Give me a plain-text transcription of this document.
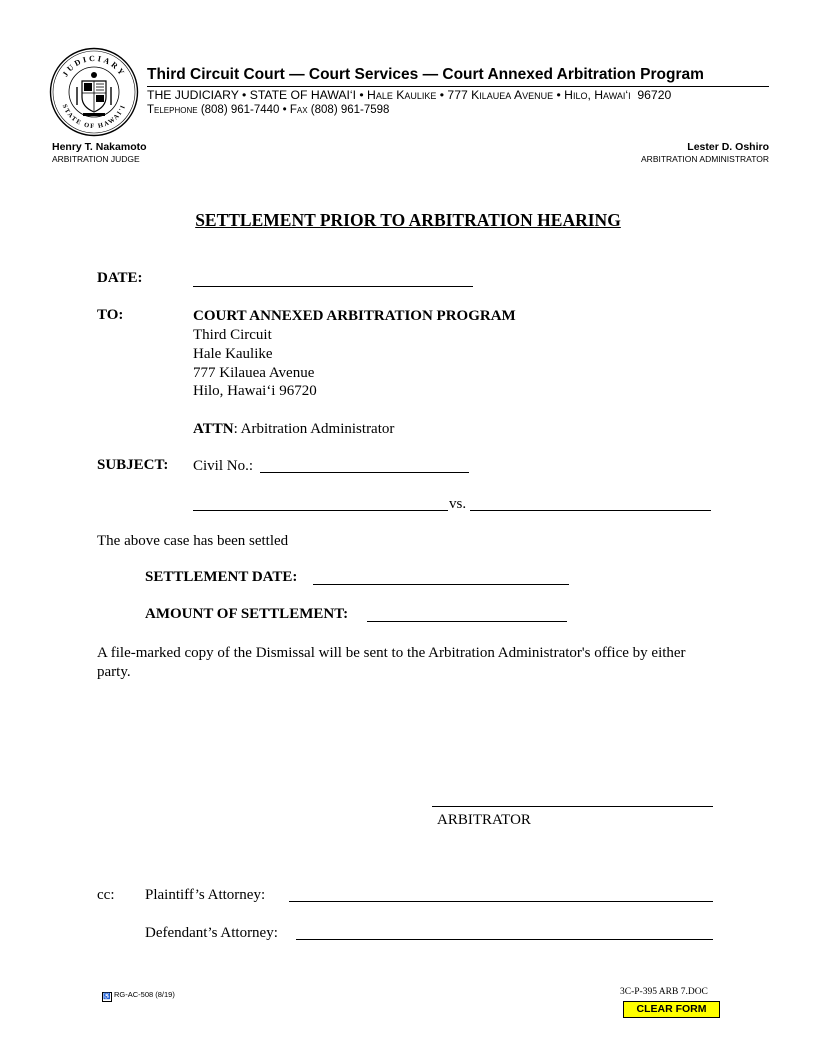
JUDICIARY
STATE OF HAWAI'I
Third Circuit Court — Court Services — Court Annexed Arbitration Program
THE JUDICIARY • STATE OF HAWAI‘I • Hale Kaulike • 777 Kilauea Avenue • Hilo, Hawai‘i 96720
Telephone (808) 961-7440 • Fax (808) 961-7598
Henry T. Nakamoto
ARBITRATION JUDGE
Lester D. Oshiro
ARBITRATION ADMINISTRATOR
SETTLEMENT PRIOR TO ARBITRATION HEARING
DATE:
TO:	COURT ANNEXED ARBITRATION PROGRAM
Third Circuit
Hale Kaulike
777 Kilauea Avenue
Hilo, Hawai‘i 96720
ATTN: Arbitration Administrator
SUBJECT: Civil No.:
vs.
The above case has been settled
SETTLEMENT DATE:
AMOUNT OF SETTLEMENT:
A file-marked copy of the Dismissal will be sent to the Arbitration Administrator's office by either party.
ARBITRATOR
cc: Plaintiff’s Attorney:
Defendant’s Attorney:
♿ RG-AC-508 (8/19)	3C-P-395 ARB 7.DOC
CLEAR FORM
